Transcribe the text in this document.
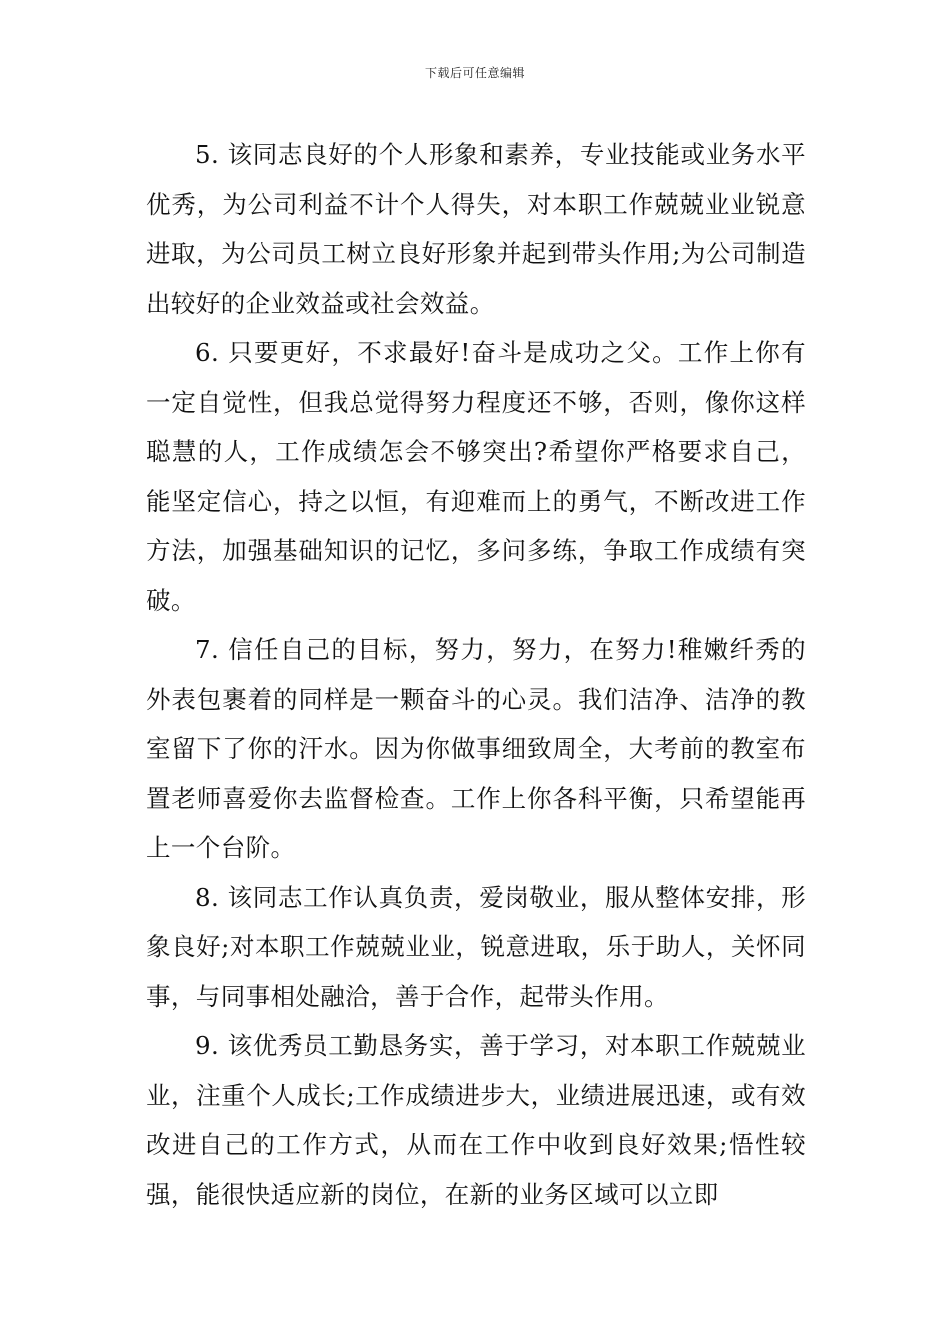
下载后可任意编辑

5. 该同志良好的个人形象和素养，专业技能或业务水平优秀，为公司利益不计个人得失，对本职工作兢兢业业锐意进取，为公司员工树立良好形象并起到带头作用;为公司制造出较好的企业效益或社会效益。

6. 只要更好，不求最好!奋斗是成功之父。工作上你有一定自觉性，但我总觉得努力程度还不够，否则，像你这样聪慧的人，工作成绩怎会不够突出?希望你严格要求自己，能坚定信心，持之以恒，有迎难而上的勇气，不断改进工作方法，加强基础知识的记忆，多问多练，争取工作成绩有突破。

7. 信任自己的目标，努力，努力，在努力!稚嫩纤秀的外表包裹着的同样是一颗奋斗的心灵。我们洁净、洁净的教室留下了你的汗水。因为你做事细致周全，大考前的教室布置老师喜爱你去监督检查。工作上你各科平衡，只希望能再上一个台阶。

8. 该同志工作认真负责，爱岗敬业，服从整体安排，形象良好;对本职工作兢兢业业，锐意进取，乐于助人，关怀同事，与同事相处融洽，善于合作，起带头作用。

9. 该优秀员工勤恳务实，善于学习，对本职工作兢兢业业，注重个人成长;工作成绩进步大，业绩进展迅速，或有效改进自己的工作方式，从而在工作中收到良好效果;悟性较强，能很快适应新的岗位，在新的业务区域可以立即
